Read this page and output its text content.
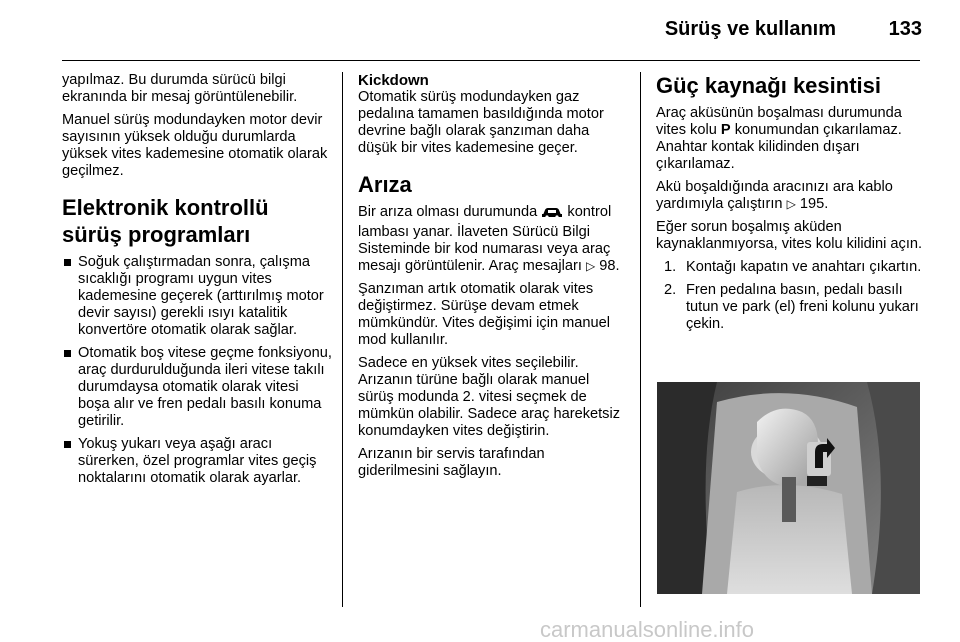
Sürüş ve kullanım	133

yapılmaz. Bu durumda sürücü bilgi ekranında bir mesaj görüntülenebilir.

Manuel sürüş modundayken motor devir sayısının yüksek olduğu durumlarda yüksek vites kademesine otomatik olarak geçilmez.

Elektronik kontrollü sürüş programları
Soğuk çalıştırmadan sonra, çalışma sıcaklığı programı uygun vites kademesine geçerek (arttırılmış motor devir sayısı) gerekli ısıyı katalitik konvertöre otomatik olarak sağlar.
Otomatik boş vitese geçme fonksiyonu, araç durdurulduğunda ileri vitese takılı durumdaysa otomatik olarak vitesi boşa alır ve fren pedalı basılı konuma getirilir.
Yokuş yukarı veya aşağı aracı sürerken, özel programlar vites geçiş noktalarını otomatik olarak ayarlar.
Kickdown

Otomatik sürüş modundayken gaz pedalına tamamen basıldığında motor devrine bağlı olarak şanzıman daha düşük bir vites kademesine geçer.

Arıza

Bir arıza olması durumunda kontrol lambası yanar. İlaveten Sürücü Bilgi Sisteminde bir kod numarası veya araç mesajı görüntülenir. Araç mesajları ▷ 98.

Şanzıman artık otomatik olarak vites değiştirmez. Sürüşe devam etmek mümkündür. Vites değişimi için manuel mod kullanılır.

Sadece en yüksek vites seçilebilir. Arızanın türüne bağlı olarak manuel sürüş modunda 2. vitesi seçmek de mümkün olabilir. Sadece araç hareketsiz konumdayken vites değiştirin.

Arızanın bir servis tarafından giderilmesini sağlayın.

Güç kaynağı kesintisi

Araç aküsünün boşalması durumunda vites kolu P konumundan çıkarılamaz. Anahtar kontak kilidinden dışarı çıkarılamaz.

Akü boşaldığında aracınızı ara kablo yardımıyla çalıştırın ▷ 195.

Eğer sorun boşalmış aküden kaynaklanmıyorsa, vites kolu kilidini açın.

1. Kontağı kapatın ve anahtarı çıkartın.
2. Fren pedalına basın, pedalı basılı tutun ve park (el) freni kolunu yukarı çekin.
carmanualsonline.info
